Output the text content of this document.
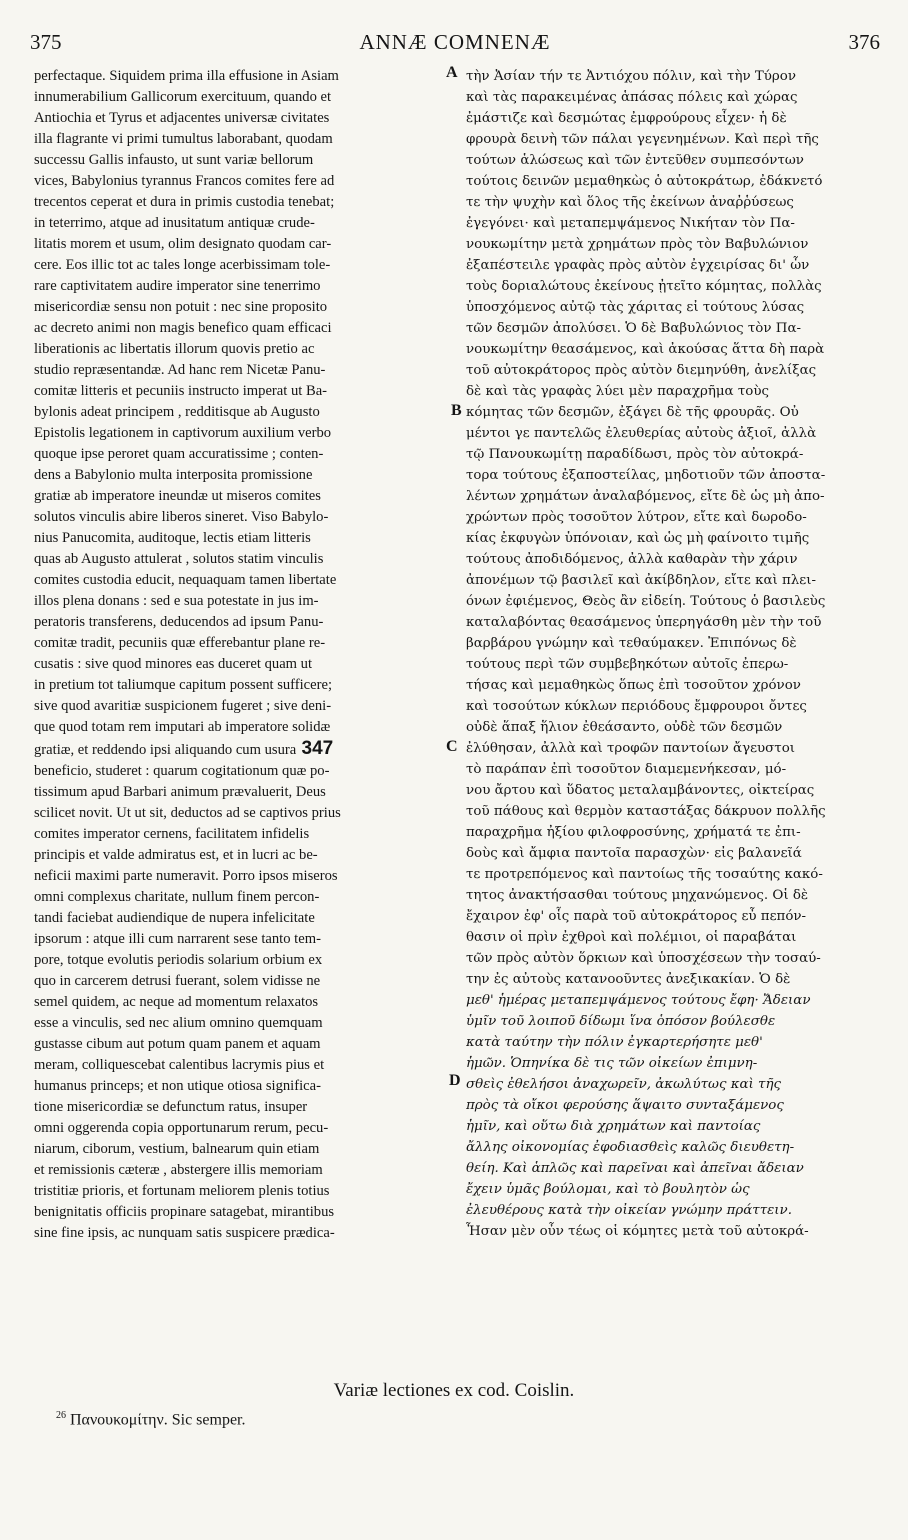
375	ANNÆ COMNENÆ	376
perfectaque. Siquidem prima illa effusione in Asiam
innumerabilium Gallicorum exercituum, quando et
Antiochia et Tyrus et adjacentes universæ civitates
illa flagrante vi primi tumultus laborabant, quodam
successu Gallis infausto, ut sunt variæ bellorum
vices, Babylonius tyrannus Francos comites fere ad
trecentos ceperat et dura in primis custodia tenebat;
in teterrimo, atque ad inusitatum antiquæ crude-
litatis morem et usum, olim designato quodam car-
cere. Eos illic tot ac tales longe acerbissimam tole-
rare captivitatem audire imperator sine tenerrimo
misericordiæ sensu non potuit : nec sine proposito
ac decreto animi non magis benefico quam efficaci
liberationis ac libertatis illorum quovis pretio ac
studio repræsentandæ. Ad hanc rem Nicetæ Panu-
comitæ litteris et pecuniis instructo imperat ut Ba-
bylonis adeat principem , redditisque ab Augusto
Epistolis legationem in captivorum auxilium verbo
quoque ipse peroret quam accuratissime ; conten-
dens a Babylonio multa interposita promissione
gratiæ ab imperatore ineundæ ut miseros comites
solutos vinculis abire liberos sineret. Viso Babylo-
nius Panucomita, auditoque, lectis etiam litteris
quas ab Augusto attulerat , solutos statim vinculis
comites custodia educit, nequaquam tamen libertate
illos plena donans : sed e sua potestate in jus im-
peratoris transferens, deducendos ad ipsum Panu-
comitæ tradit, pecuniis quæ efferebantur plane re-
cusatis : sive quod minores eas duceret quam ut
in pretium tot taliumque capitum possent sufficere;
sive quod avaritiæ suspicionem fugeret ; sive deni-
que quod totam rem imputari ab imperatore solidæ
gratiæ, et reddendo ipsi aliquando cum usura 347
beneficio, studeret : quarum cogitationum quæ po-
tissimum apud Barbari animum prævaluerit, Deus
scilicet novit. Ut ut sit, deductos ad se captivos prius
comites imperator cernens, facilitatem infidelis
principis et valde admiratus est, et in lucri ac be-
neficii maximi parte numeravit. Porro ipsos miseros
omni complexus charitate, nullum finem percon-
tandi faciebat audiendique de nupera infelicitate
ipsorum : atque illi cum narrarent sese tanto tem-
pore, totque evolutis periodis solarium orbium ex
quo in carcerem detrusi fuerant, solem vidisse ne
semel quidem, ac neque ad momentum relaxatos
esse a vinculis, sed nec alium omnino quemquam
gustasse cibum aut potum quam panem et aquam
meram, colliquescebat calentibus lacrymis pius et
humanus princeps; et non utique otiosa significa-
tione misericordiæ se defunctum ratus, insuper
omni oggerenda copia opportunarum rerum, pecu-
niarum, ciborum, vestium, balnearum quin etiam
et remissionis cæteræ , abstergere illis memoriam
tristitiæ prioris, et fortunam meliorem plenis totius
benignitatis officiis propinare satagebat, mirantibus
sine fine ipsis, ac nunquam satis suspicere prædica-
τὴν Ἀσίαν τήν τε Ἀντιόχου πόλιν, καὶ τὴν Τύρον
καὶ τὰς παρακειμένας ἁπάσας πόλεις καὶ χώρας
ἐμάστιζε καὶ δεσμώτας ἐμφρούρους εἶχεν· ἡ δὲ
φρουρὰ δεινὴ τῶν πάλαι γεγενημένων. Καὶ περὶ τῆς
τούτων ἁλώσεως καὶ τῶν ἐντεῦθεν συμπεσόντων
τούτοις δεινῶν μεμαθηκὼς ὁ αὐτοκράτωρ, ἐδάκνετό
τε τὴν ψυχὴν καὶ ὅλος τῆς ἐκείνων ἀναῤῥύσεως
ἐγεγόνει· καὶ μεταπεμψάμενος Νικήταν τὸν Πα-
νουκωμίτην μετὰ χρημάτων πρὸς τὸν Βαβυλώνιον
ἐξαπέστειλε γραφὰς πρὸς αὐτὸν ἐγχειρίσας δι' ὧν
τοὺς δοριαλώτους ἐκείνους ᾐτεῖτο κόμητας, πολλὰς
ὑποσχόμενος αὐτῷ τὰς χάριτας εἰ τούτους λύσας
τῶν δεσμῶν ἀπολύσει. Ὁ δὲ Βαβυλώνιος τὸν Πα-
νουκωμίτην θεασάμενος, καὶ ἀκούσας ἅττα δὴ παρὰ
τοῦ αὐτοκράτορος πρὸς αὐτὸν διεμηνύθη, ἀνελίξας
δὲ καὶ τὰς γραφὰς λύει μὲν παραχρῆμα τοὺς
κόμητας τῶν δεσμῶν, ἐξάγει δὲ τῆς φρουρᾶς. Οὐ
μέντοι γε παντελῶς ἐλευθερίας αὐτοὺς ἀξιοῖ, ἀλλὰ
τῷ Πανουκωμίτῃ παραδίδωσι, πρὸς τὸν αὐτοκρά-
τορα τούτους ἐξαποστείλας, μηδοτιοῦν τῶν ἀποστα-
λέντων χρημάτων ἀναλαβόμενος, εἴτε δὲ ὡς μὴ ἀπο-
χρώντων πρὸς τοσοῦτον λύτρον, εἴτε καὶ δωροδο-
κίας ἐκφυγὼν ὑπόνοιαν, καὶ ὡς μὴ φαίνοιτο τιμῆς
τούτους ἀποδιδόμενος, ἀλλὰ καθαρὰν τὴν χάριν
ἀπονέμων τῷ βασιλεῖ καὶ ἀκίβδηλον, εἴτε καὶ πλει-
όνων ἐφιέμενος, Θεὸς ἂν εἰδείη. Τούτους ὁ βασιλεὺς
καταλαβόντας θεασάμενος ὑπερηγάσθη μὲν τὴν τοῦ
βαρβάρου γνώμην καὶ τεθαύμακεν. Ἐπιπόνως δὲ
τούτους περὶ τῶν συμβεβηκότων αὐτοῖς ἐπερω-
τήσας καὶ μεμαθηκὼς ὅπως ἐπὶ τοσοῦτον χρόνον
καὶ τοσούτων κύκλων περιόδους ἔμφρουροι ὄντες
οὐδὲ ἅπαξ ἥλιον ἐθεάσαντο, οὐδὲ τῶν δεσμῶν
ἐλύθησαν, ἀλλὰ καὶ τροφῶν παντοίων ἄγευστοι
τὸ παράπαν ἐπὶ τοσοῦτον διαμεμενήκεσαν, μό-
νου ἄρτου καὶ ὕδατος μεταλαμβάνοντες, οἰκτείρας
τοῦ πάθους καὶ θερμὸν καταστάξας δάκρυον πολλῆς
παραχρῆμα ἠξίου φιλοφροσύνης, χρήματά τε ἐπι-
δοὺς καὶ ἄμφια παντοῖα παρασχὼν· εἰς βαλανεῖά
τε προτρεπόμενος καὶ παντοίως τῆς τοσαύτης κακό-
τητος ἀνακτήσασθαι τούτους μηχανώμενος. Οἱ δὲ
ἔχαιρον ἐφ' οἷς παρὰ τοῦ αὐτοκράτορος εὖ πεπόν-
θασιν οἱ πρὶν ἐχθροὶ καὶ πολέμιοι, οἱ παραβάται
τῶν πρὸς αὐτὸν ὅρκιων καὶ ὑποσχέσεων τὴν τοσαύ-
την ἐς αὐτοὺς κατανοοῦντες ἀνεξικακίαν. Ὁ δὲ
μεθ' ἡμέρας μεταπεμψάμενος τούτους ἔφη· Ἄδειαν
ὑμῖν τοῦ λοιποῦ δίδωμι ἵνα ὁπόσον βούλεσθε
κατὰ ταύτην τὴν πόλιν ἐγκαρτερήσητε μεθ'
ἡμῶν. Ὁπηνίκα δὲ τις τῶν οἰκείων ἐπιμνη-
σθεὶς ἐθελήσοι ἀναχωρεῖν, ἀκωλύτως καὶ τῆς
πρὸς τὰ οἴκοι φερούσης ἅψαιτο συνταξάμενος
ἡμῖν, καὶ οὕτω διὰ χρημάτων καὶ παντοίας
ἄλλης οἰκονομίας ἐφοδιασθεὶς καλῶς διευθετη-
θείη. Καὶ ἁπλῶς καὶ παρεῖναι καὶ ἀπεῖναι ἄδειαν
ἔχειν ὑμᾶς βούλομαι, καὶ τὸ βουλητὸν ὡς
ἐλευθέρους κατὰ τὴν οἰκείαν γνώμην πράττειν.
Ἦσαν μὲν οὖν τέως οἱ κόμητες μετὰ τοῦ αὐτοκρά-
A
B
C
D
Variæ lectiones ex cod. Coislin.
$^{26}$ Πανουκομίτην. Sic semper.
